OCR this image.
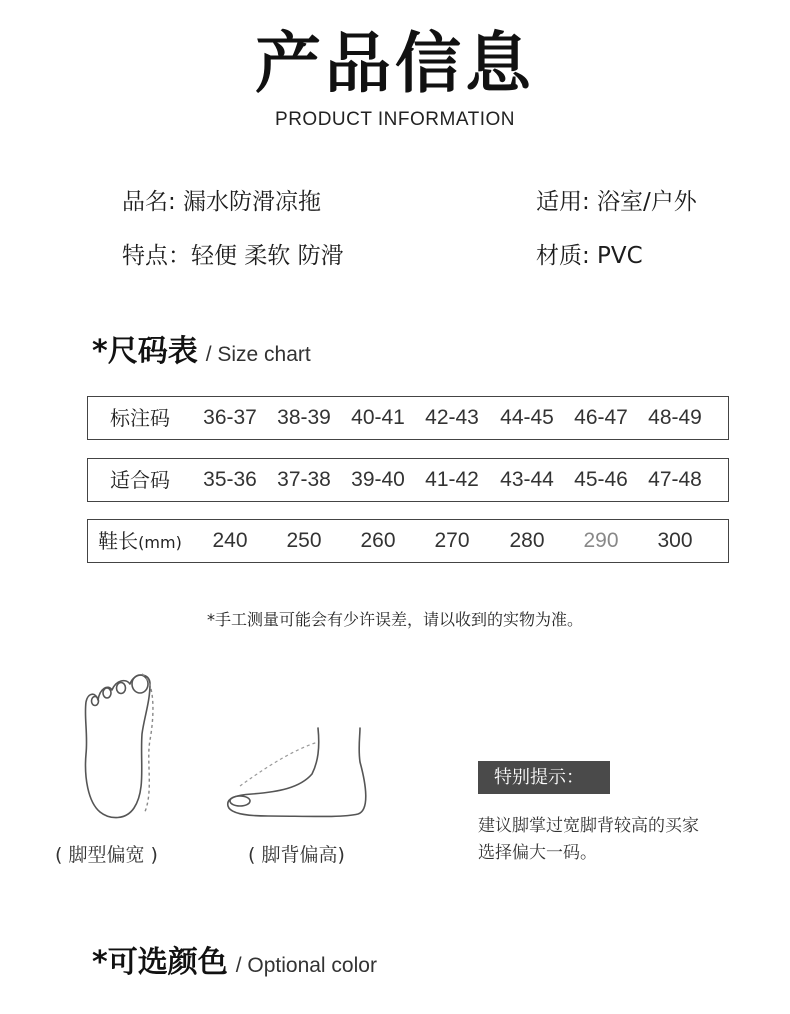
产品信息
PRODUCT INFORMATION
品名: 漏水防滑凉拖	适用: 浴室/户外
特点：轻便 柔软 防滑	材质: PVC
*尺码表 / Size chart
标注码	36-37 38-39 40-41 42-43	44-45 46-47 48-49
适合码	35-36 37-38 39-40 41-42	43-44 45-46 47-48
鞋长(mm)	240	250	260	270	280	290	300
*手工测量可能会有少许误差，请以收到的实物为准。
( 脚型偏宽 )	( 脚背偏高)
特别提示：
建议脚掌过宽脚背较高的买家
选择偏大一码。
*可选颜色 / Optional color
